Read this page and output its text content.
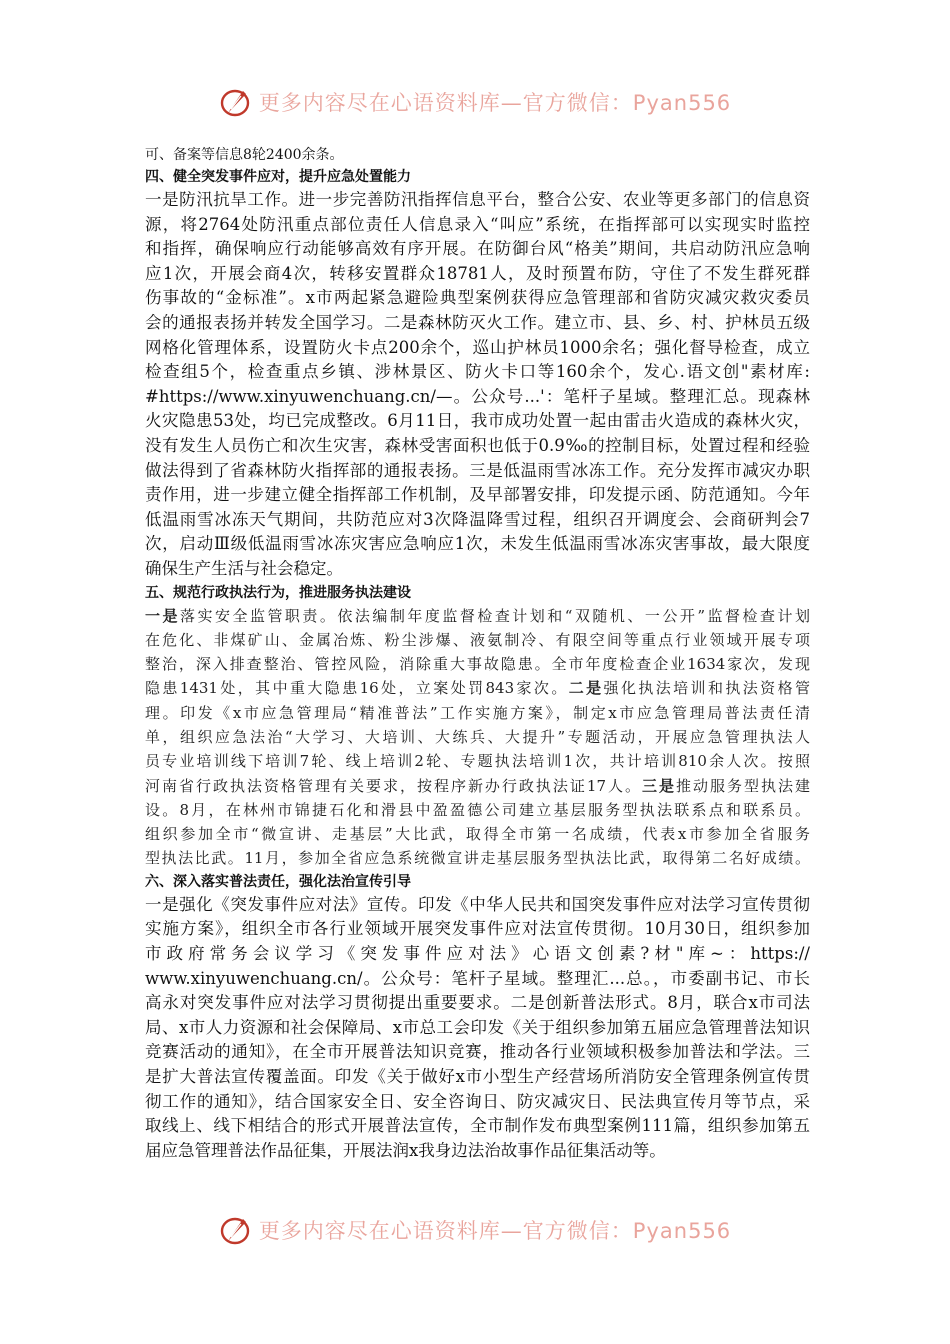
更多内容尽在心语资料库—官方微信：Pyan556
可、备案等信息8轮2400余条。
四、健全突发事件应对，提升应急处置能力
一是防汛抗旱工作。进一步完善防汛指挥信息平台，整合公安、农业等更多部门的信息资
源，将2764处防汛重点部位责任人信息录入“叫应”系统，在指挥部可以实现实时监控
和指挥，确保响应行动能够高效有序开展。在防御台风“格美”期间，共启动防汛应急响
应1次，开展会商4次，转移安置群众18781人，及时预置布防，守住了不发生群死群
伤事故的“金标准”。x市两起紧急避险典型案例获得应急管理部和省防灾减灾救灾委员
会的通报表扬并转发全国学习。二是森林防灭火工作。建立市、县、乡、村、护林员五级
网格化管理体系，设置防火卡点200余个，巡山护林员1000余名；强化督导检查，成立
检查组5个，检查重点乡镇、涉林景区、防火卡口等160余个，发心.语文创"素材库:
#https://www.xinyuwenchuang.cn/—。公众号...'：笔杆子星域。整理汇总。现森林
火灾隐患53处，均已完成整改。6月11日，我市成功处置一起由雷击火造成的森林火灾，
没有发生人员伤亡和次生灾害，森林受害面积也低于0.9‰的控制目标，处置过程和经验
做法得到了省森林防火指挥部的通报表扬。三是低温雨雪冰冻工作。充分发挥市减灾办职
责作用，进一步建立健全指挥部工作机制，及早部署安排，印发提示函、防范通知。今年
低温雨雪冰冻天气期间，共防范应对3次降温降雪过程，组织召开调度会、会商研判会7
次，启动Ⅲ级低温雨雪冰冻灾害应急响应1次，未发生低温雨雪冰冻灾害事故，最大限度
确保生产生活与社会稳定。
五、规范行政执法行为，推进服务执法建设
一是落实安全监管职责。依法编制年度监督检查计划和“双随机、一公开”监督检查计划
在危化、非煤矿山、金属冶炼、粉尘涉爆、液氨制冷、有限空间等重点行业领域开展专项
整治，深入排查整治、管控风险，消除重大事故隐患。全市年度检查企业1634家次，发现
隐患1431处，其中重大隐患16处，立案处罚843家次。二是强化执法培训和执法资格管
理。印发《x市应急管理局“精准普法”工作实施方案》，制定x市应急管理局普法责任清
单，组织应急法治“大学习、大培训、大练兵、大提升”专题活动，开展应急管理执法人
员专业培训线下培训7轮、线上培训2轮、专题执法培训1次，共计培训810余人次。按照
河南省行政执法资格管理有关要求，按程序新办行政执法证17人。三是推动服务型执法建
设。8月，在林州市锦捷石化和滑县中盈盈德公司建立基层服务型执法联系点和联系员。
组织参加全市“微宣讲、走基层”大比武，取得全市第一名成绩，代表x市参加全省服务
型执法比武。11月，参加全省应急系统微宣讲走基层服务型执法比武，取得第二名好成绩。
六、深入落实普法责任，强化法治宣传引导
一是强化《突发事件应对法》宣传。印发《中华人民共和国突发事件应对法学习宣传贯彻
实施方案》，组织全市各行业领域开展突发事件应对法宣传贯彻。10月30日，组织参加
市政府常务会议学习《突发事件应对法》心语文创素?材"库~：https://
www.xinyuwenchuang.cn/。公众号：笔杆子星域。整理汇...总。，市委副书记、市长
高永对突发事件应对法学习贯彻提出重要要求。二是创新普法形式。8月，联合x市司法
局、x市人力资源和社会保障局、x市总工会印发《关于组织参加第五届应急管理普法知识
竞赛活动的通知》，在全市开展普法知识竞赛，推动各行业领域积极参加普法和学法。三
是扩大普法宣传覆盖面。印发《关于做好x市小型生产经营场所消防安全管理条例宣传贯
彻工作的通知》，结合国家安全日、安全咨询日、防灾减灾日、民法典宣传月等节点，采
取线上、线下相结合的形式开展普法宣传，全市制作发布典型案例111篇，组织参加第五
届应急管理普法作品征集，开展法润x我身边法治故事作品征集活动等。
更多内容尽在心语资料库—官方微信：Pyan556
